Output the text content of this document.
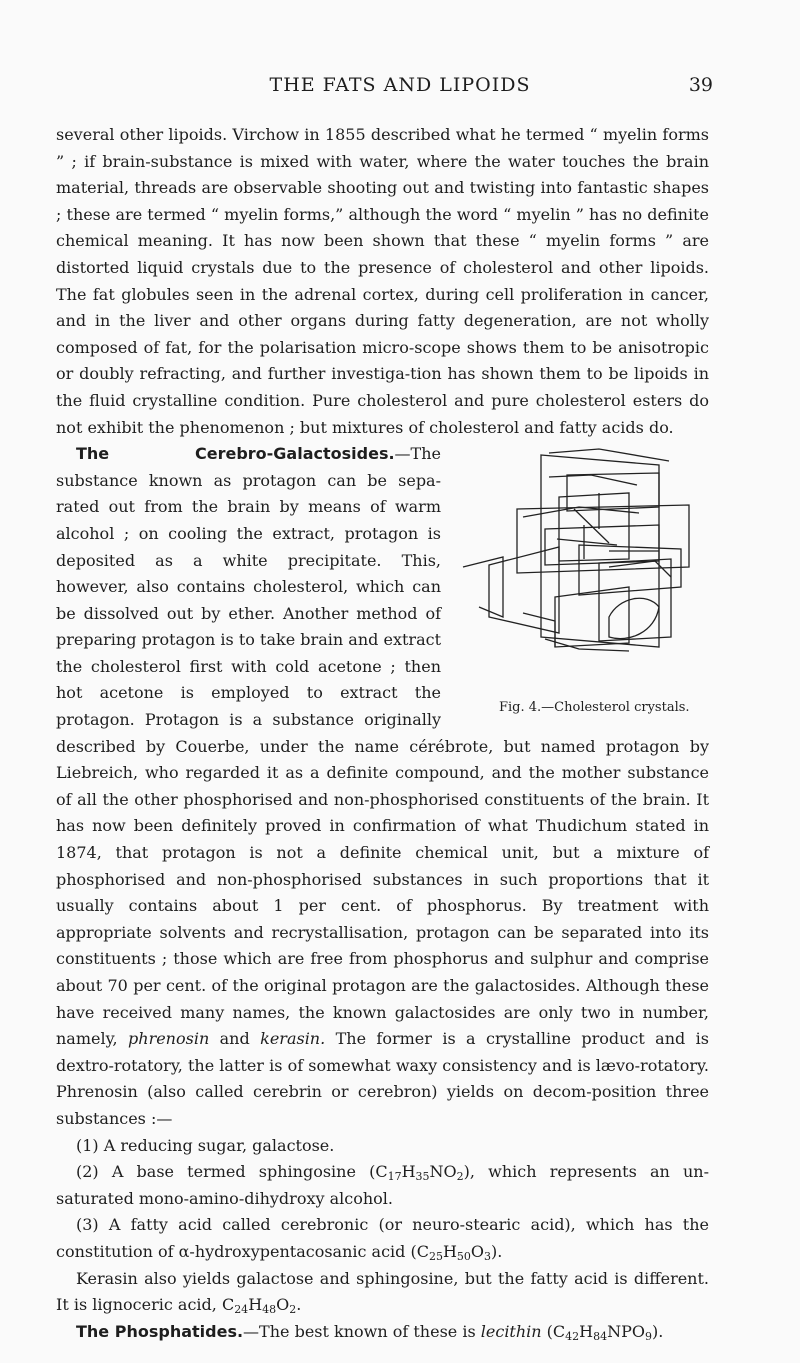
THE FATS AND LIPOIDS	39

several other lipoids. Virchow in 1855 described what he termed “ myelin forms ” ; if brain-substance is mixed with water, where the water touches the brain material, threads are observable shooting out and twisting into fantastic shapes ; these are termed “ myelin forms,” although the word “ myelin ” has no definite chemical meaning. It has now been shown that these “ myelin forms ” are distorted liquid crystals due to the presence of cholesterol and other lipoids. The fat globules seen in the adrenal cortex, during cell proliferation in cancer, and in the liver and other organs during fatty degeneration, are not wholly composed of fat, for the polarisation micro-scope shows them to be anisotropic or doubly refracting, and further investiga-tion has shown them to be lipoids in the fluid crystalline condition. Pure cholesterol and pure cholesterol esters do not exhibit the phenomenon ; but mixtures of cholesterol and fatty acids do.

The Cerebro-Galactosides.
Fig. 4.—Cholesterol crystals.
—The substance known as protagon can be sepa-rated out from the brain by means of warm alcohol ; on cooling the extract, protagon is deposited as a white precipitate. This, however, also contains cholesterol, which can be dissolved out by ether. Another method of preparing protagon is to take brain and extract the cholesterol first with cold acetone ; then hot acetone is employed to extract the protagon. Protagon is a substance originally described by Couerbe, under the name cérébrote, but named protagon by Liebreich, who regarded it as a definite compound, and the mother substance of all the other phosphorised and non-phosphorised constituents of the brain. It has now been definitely proved in confirmation of what Thudichum stated in 1874, that protagon is not a definite chemical unit, but a mixture of phosphorised and non-phosphorised substances in such proportions that it usually contains about 1 per cent. of phosphorus. By treatment with appropriate solvents and recrystallisation, protagon can be separated into its constituents ; those which are free from phosphorus and sulphur and comprise about 70 per cent. of the original protagon are the galactosides. Although these have received many names, the known galactosides are only two in number, namely, phrenosin and kerasin. The former is a crystalline product and is dextro-rotatory, the latter is of somewhat waxy consistency and is lævo-rotatory. Phrenosin (also called cerebrin or cerebron) yields on decom-position three substances :—

(1) A reducing sugar, galactose.

(2) A base termed sphingosine $(C_{17}H_{35}NO_2)$, which represents an un-saturated mono-amino-dihydroxy alcohol.

(3) A fatty acid called cerebronic (or neuro-stearic acid), which has the constitution of α-hydroxypentacosanic acid $(C_{25}H_{50}O_3)$.

Kerasin also yields galactose and sphingosine, but the fatty acid is different. It is lignoceric acid, $C_{24}H_{48}O_2$.

The Phosphatides.—The best known of these is lecithin $(C_{42}H_{84}NPO_9)$.
